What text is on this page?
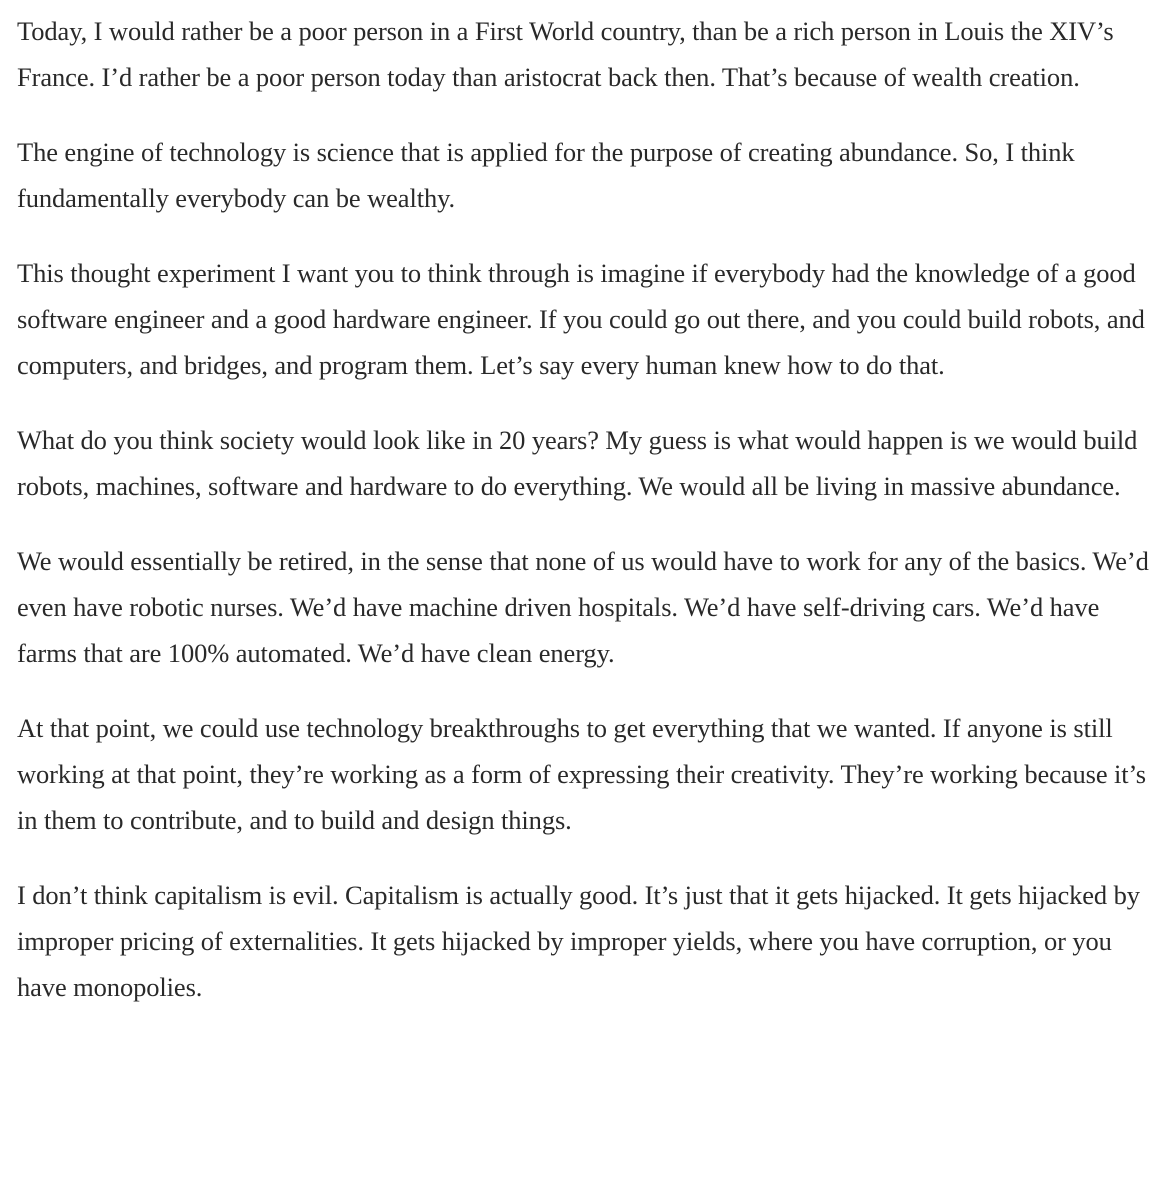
Today, I would rather be a poor person in a First World country, than be a rich person in Louis the XIV’s France. I’d rather be a poor person today than aristocrat back then. That’s because of wealth creation.

The engine of technology is science that is applied for the purpose of creating abundance. So, I think fundamentally everybody can be wealthy.

This thought experiment I want you to think through is imagine if everybody had the knowledge of a good software engineer and a good hardware engineer. If you could go out there, and you could build robots, and computers, and bridges, and program them. Let’s say every human knew how to do that.

What do you think society would look like in 20 years? My guess is what would happen is we would build robots, machines, software and hardware to do everything. We would all be living in massive abundance.

We would essentially be retired, in the sense that none of us would have to work for any of the basics. We’d even have robotic nurses. We’d have machine driven hospitals. We’d have self-driving cars. We’d have farms that are 100% automated. We’d have clean energy.

At that point, we could use technology breakthroughs to get everything that we wanted. If anyone is still working at that point, they’re working as a form of expressing their creativity. They’re working because it’s in them to contribute, and to build and design things.

I don’t think capitalism is evil. Capitalism is actually good. It’s just that it gets hijacked. It gets hijacked by improper pricing of externalities. It gets hijacked by improper yields, where you have corruption, or you have monopolies.
